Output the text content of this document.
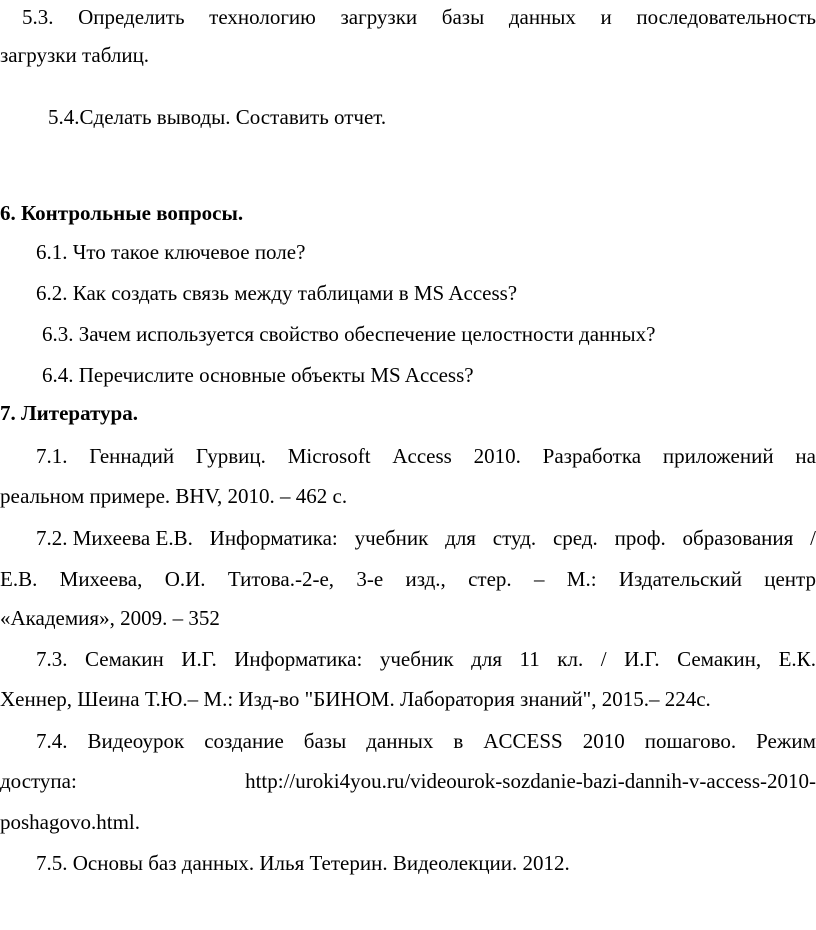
5.3. Определить технологию загрузки базы данных и последовательность
загрузки таблиц.
5.4.Сделать выводы. Составить отчет.
6. Контрольные вопросы.
6.1. Что такое ключевое поле?
6.2. Как создать связь между таблицами в MS Access?
6.3. Зачем используется свойство обеспечение целостности данных?
6.4. Перечислите основные объекты MS Access?
7. Литература.
7.1. Геннадий Гурвиц. Microsoft Access 2010. Разработка приложений на
реальном примере. BHV, 2010. – 462 с.
7.2. Михеева Е.В. Информатика: учебник для студ. сред. проф. образования /
Е.В. Михеева, О.И. Титова.-2-е, 3-е изд., стер. – М.: Издательский центр
«Академия», 2009. – 352
7.3. Семакин И.Г. Информатика: учебник для 11 кл. / И.Г. Семакин, Е.К.
Хеннер, Шеина Т.Ю.– М.: Изд-во "БИНОМ. Лаборатория знаний", 2015.– 224с.
7.4. Видеоурок создание базы данных в ACCESS 2010 пошагово. Режим
доступа:	http://uroki4you.ru/videourok-sozdanie-bazi-dannih-v-access-2010-
poshagovo.html.
7.5. Основы баз данных. Илья Тетерин. Видеолекции. 2012.
